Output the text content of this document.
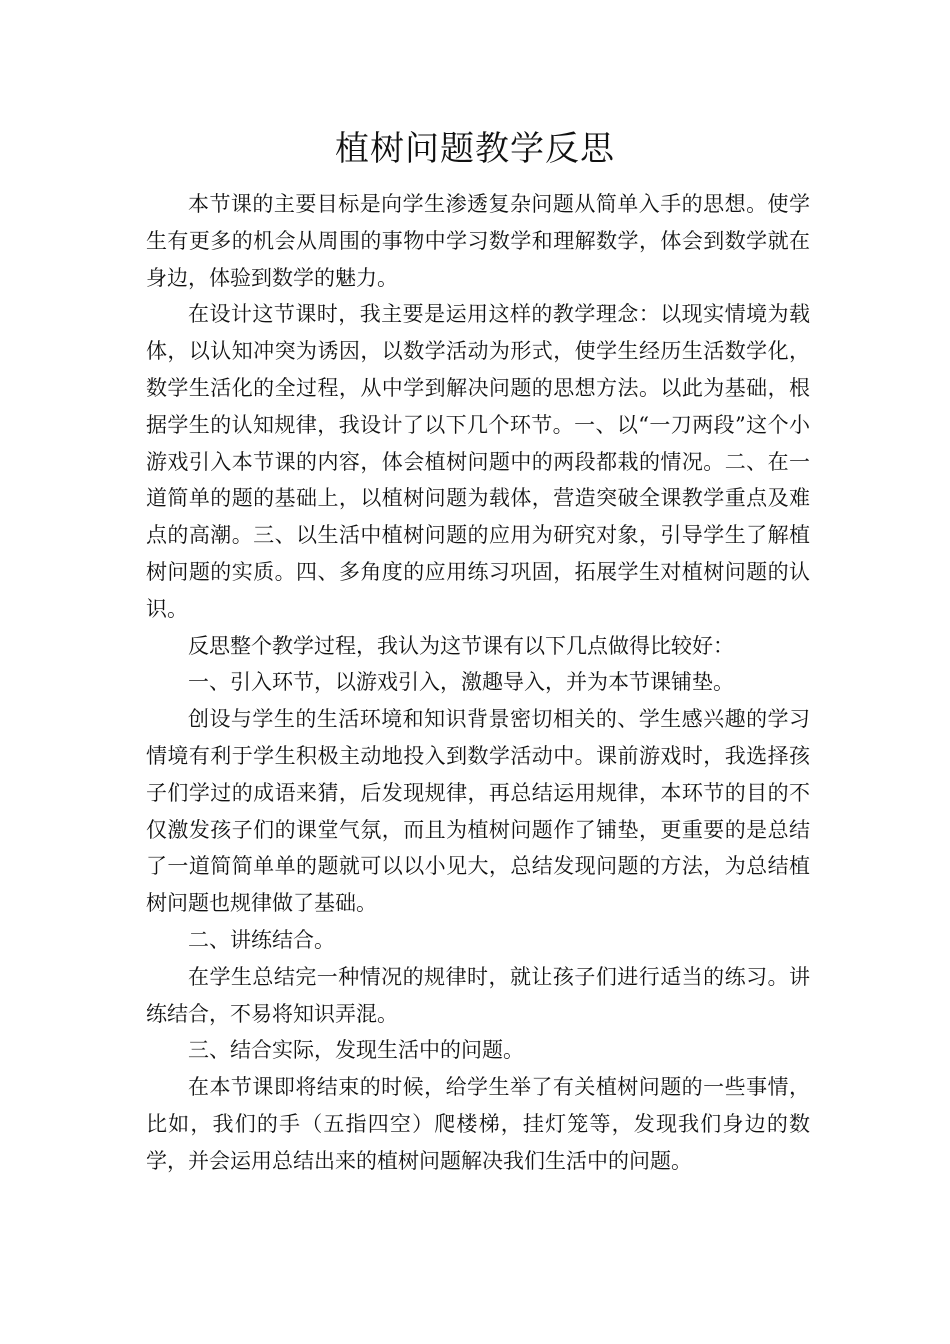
植树问题教学反思

本节课的主要目标是向学生渗透复杂问题从简单入手的思想。使学生有更多的机会从周围的事物中学习数学和理解数学，体会到数学就在身边，体验到数学的魅力。

在设计这节课时，我主要是运用这样的教学理念：以现实情境为载体，以认知冲突为诱因，以数学活动为形式，使学生经历生活数学化，数学生活化的全过程，从中学到解决问题的思想方法。以此为基础，根据学生的认知规律，我设计了以下几个环节。一、以“一刀两段”这个小游戏引入本节课的内容，体会植树问题中的两段都栽的情况。二、在一道简单的题的基础上，以植树问题为载体，营造突破全课教学重点及难点的高潮。三、以生活中植树问题的应用为研究对象，引导学生了解植树问题的实质。四、多角度的应用练习巩固，拓展学生对植树问题的认识。

反思整个教学过程，我认为这节课有以下几点做得比较好：

一、引入环节，以游戏引入，激趣导入，并为本节课铺垫。

创设与学生的生活环境和知识背景密切相关的、学生感兴趣的学习情境有利于学生积极主动地投入到数学活动中。课前游戏时，我选择孩子们学过的成语来猜，后发现规律，再总结运用规律，本环节的目的不仅激发孩子们的课堂气氛，而且为植树问题作了铺垫，更重要的是总结了一道简简单单的题就可以以小见大，总结发现问题的方法，为总结植树问题也规律做了基础。

二、讲练结合。

在学生总结完一种情况的规律时，就让孩子们进行适当的练习。讲练结合，不易将知识弄混。

三、结合实际，发现生活中的问题。

在本节课即将结束的时候，给学生举了有关植树问题的一些事情，比如，我们的手（五指四空）爬楼梯，挂灯笼等，发现我们身边的数学，并会运用总结出来的植树问题解决我们生活中的问题。
